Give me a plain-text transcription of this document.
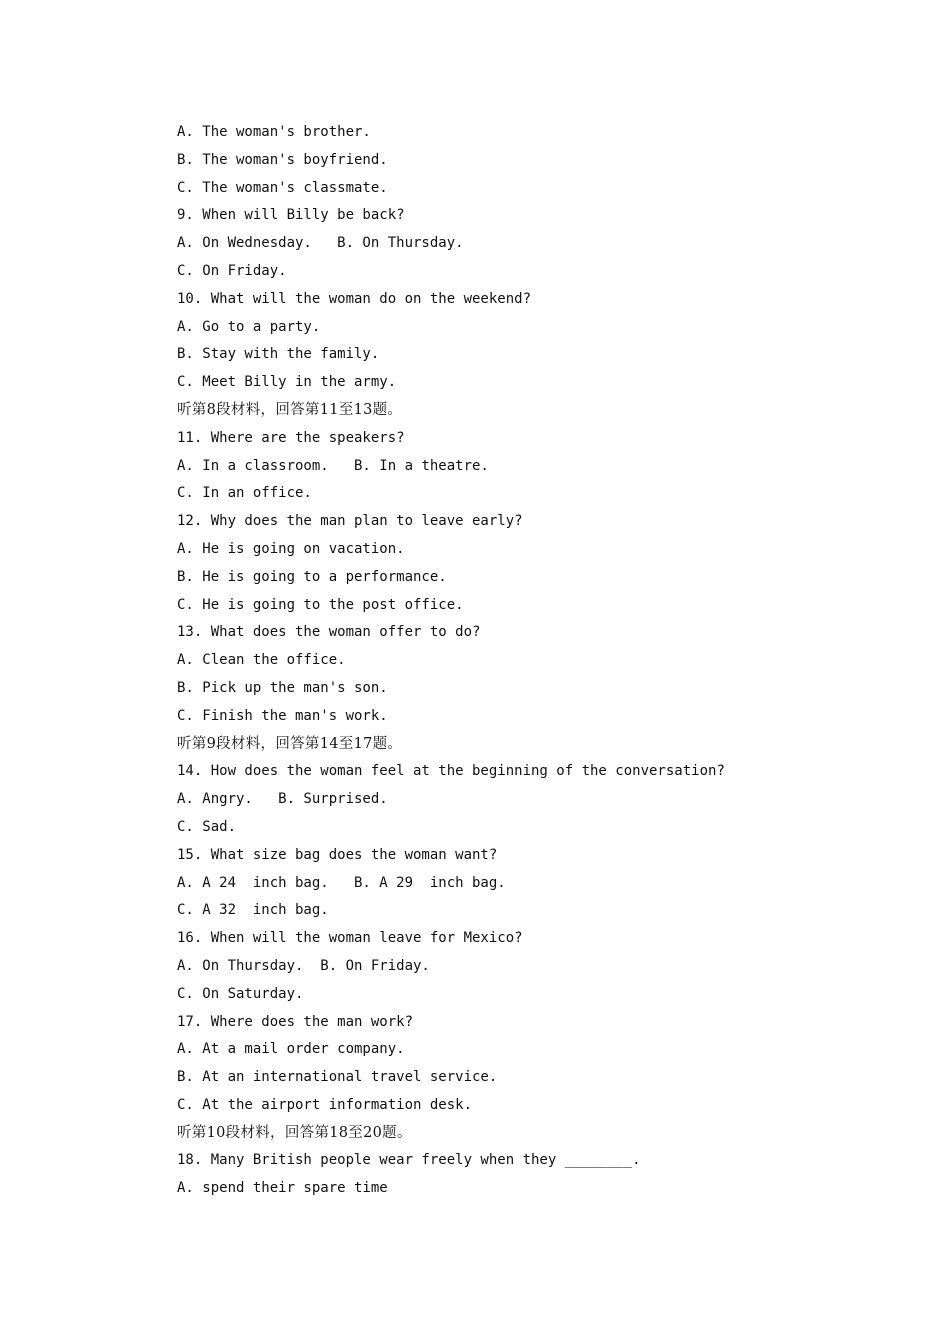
A. The woman's brother.
B. The woman's boyfriend.
C. The woman's classmate.
9. When will Billy be back?
A. On Wednesday.   B. On Thursday.
C. On Friday.
10. What will the woman do on the weekend?
A. Go to a party.
B. Stay with the family.
C. Meet Billy in the army.
听第8段材料，回答第11至13题。
11. Where are the speakers?
A. In a classroom.   B. In a theatre.
C. In an office.
12. Why does the man plan to leave early?
A. He is going on vacation.
B. He is going to a performance.
C. He is going to the post office.
13. What does the woman offer to do?
A. Clean the office.
B. Pick up the man's son.
C. Finish the man's work.
听第9段材料，回答第14至17题。
14. How does the woman feel at the beginning of the conversation?
A. Angry.   B. Surprised.
C. Sad.
15. What size bag does the woman want?
A. A 24  inch bag.   B. A 29  inch bag.
C. A 32  inch bag.
16. When will the woman leave for Mexico?
A. On Thursday.  B. On Friday.
C. On Saturday.
17. Where does the man work?
A. At a mail order company.
B. At an international travel service.
C. At the airport information desk.
听第10段材料，回答第18至20题。
18. Many British people wear freely when they ________.
A. spend their spare time
